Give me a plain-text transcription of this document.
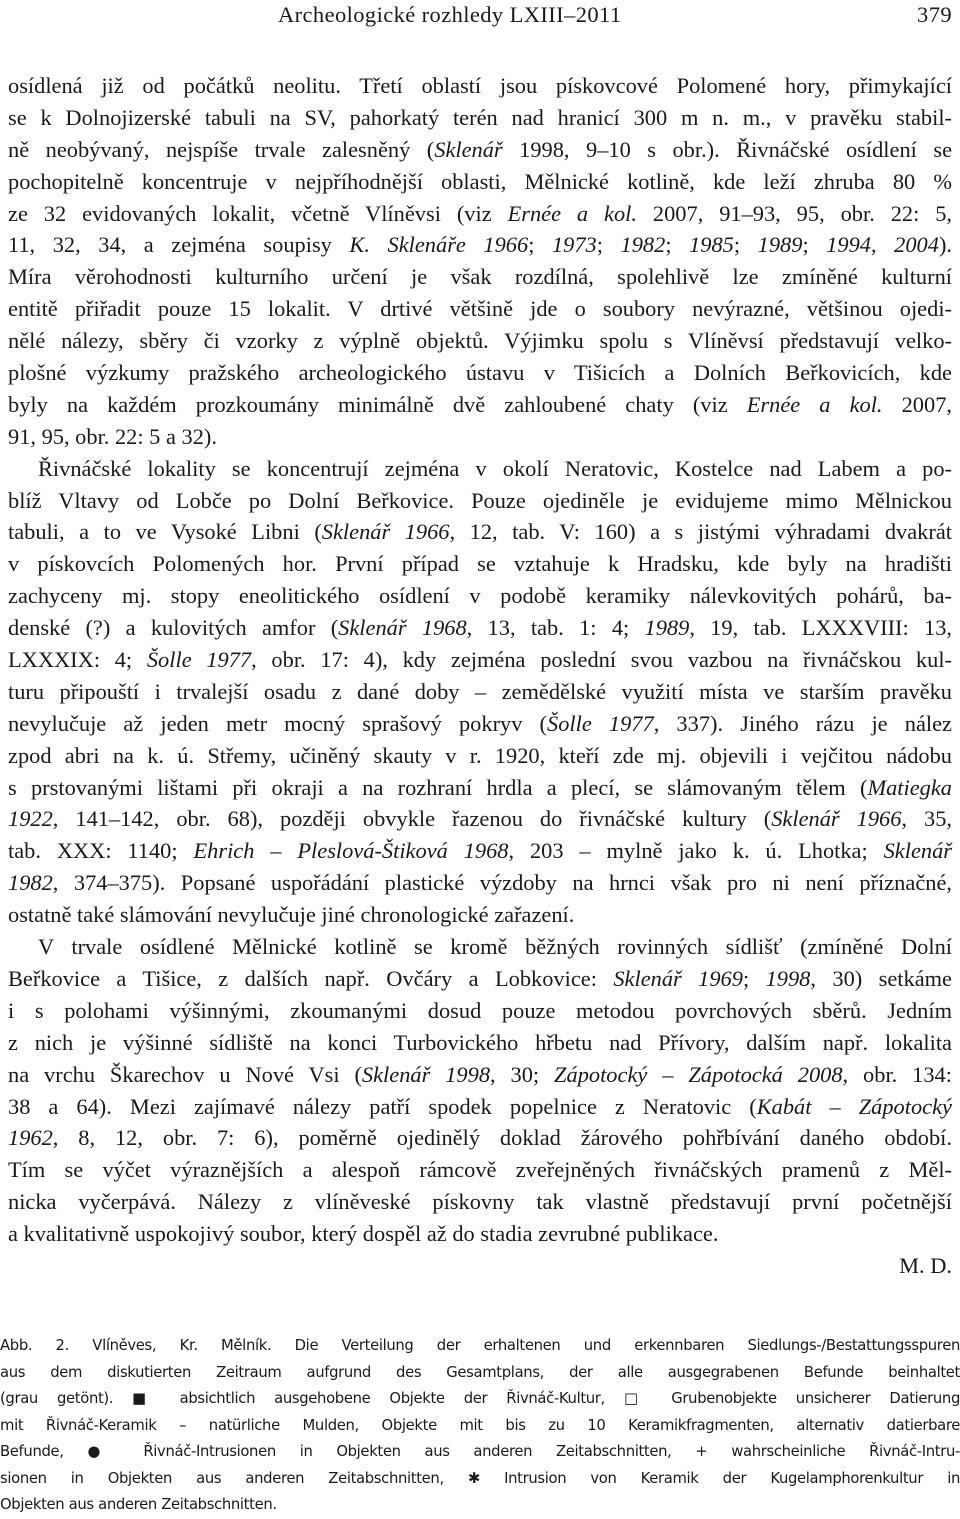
Archeologické rozhledy LXIII–2011	379
osídlená již od počátků neolitu. Třetí oblastí jsou pískovcové Polomené hory, přimykající
se k Dolnojizerské tabuli na SV, pahorkatý terén nad hranicí 300 m n. m., v pravěku stabil-
ně neobývaný, nejspíše trvale zalesněný (Sklenář 1998, 9–10 s obr.). Řivnáčské osídlení se
pochopitelně koncentruje v nejpříhodnější oblasti, Mělnické kotlině, kde leží zhruba 80 %
ze 32 evidovaných lokalit, včetně Vlíněvsi (viz Ernée a kol. 2007, 91–93, 95, obr. 22: 5,
11, 32, 34, a zejména soupisy K. Sklenáře 1966; 1973; 1982; 1985; 1989; 1994, 2004).
Míra věrohodnosti kulturního určení je však rozdílná, spolehlivě lze zmíněné kulturní
entitě přiřadit pouze 15 lokalit. V drtivé většině jde o soubory nevýrazné, většinou ojedi-
nělé nálezy, sběry či vzorky z výplně objektů. Výjimku spolu s Vlíněvsí představují velko-
plošné výzkumy pražského archeologického ústavu v Tišicích a Dolních Beřkovicích, kde
byly na každém prozkoumány minimálně dvě zahloubené chaty (viz Ernée a kol. 2007,
91, 95, obr. 22: 5 a 32).
Řivnáčské lokality se koncentrují zejména v okolí Neratovic, Kostelce nad Labem a po-
blíž Vltavy od Lobče po Dolní Beřkovice. Pouze ojediněle je evidujeme mimo Mělnickou
tabuli, a to ve Vysoké Libni (Sklenář 1966, 12, tab. V: 160) a s jistými výhradami dvakrát
v pískovcích Polomených hor. První případ se vztahuje k Hradsku, kde byly na hradišti
zachyceny mj. stopy eneolitického osídlení v podobě keramiky nálevkovitých pohárů, ba-
denské (?) a kulovitých amfor (Sklenář 1968, 13, tab. 1: 4; 1989, 19, tab. LXXXVIII: 13,
LXXXIX: 4; Šolle 1977, obr. 17: 4), kdy zejména poslední svou vazbou na řivnáčskou kul-
turu připouští i trvalejší osadu z dané doby – zemědělské využití místa ve starším pravěku
nevylučuje až jeden metr mocný sprašový pokryv (Šolle 1977, 337). Jiného rázu je nález
zpod abri na k. ú. Střemy, učiněný skauty v r. 1920, kteří zde mj. objevili i vejčitou nádobu
s prstovanými lištami při okraji a na rozhraní hrdla a plecí, se slámovaným tělem (Matiegka
1922, 141–142, obr. 68), později obvykle řazenou do řivnáčské kultury (Sklenář 1966, 35,
tab. XXX: 1140; Ehrich – Pleslová-Štiková 1968, 203 – mylně jako k. ú. Lhotka; Sklenář
1982, 374–375). Popsané uspořádání plastické výzdoby na hrnci však pro ni není příznačné,
ostatně také slámování nevylučuje jiné chronologické zařazení.
V trvale osídlené Mělnické kotlině se kromě běžných rovinných sídlišť (zmíněné Dolní
Beřkovice a Tišice, z dalších např. Ovčáry a Lobkovice: Sklenář 1969; 1998, 30) setkáme
i s polohami výšinnými, zkoumanými dosud pouze metodou povrchových sběrů. Jedním
z nich je výšinné sídliště na konci Turbovického hřbetu nad Přívory, dalším např. lokalita
na vrchu Škarechov u Nové Vsi (Sklenář 1998, 30; Zápotocký – Zápotocká 2008, obr. 134:
38 a 64). Mezi zajímavé nálezy patří spodek popelnice z Neratovic (Kabát – Zápotocký
1962, 8, 12, obr. 7: 6), poměrně ojedinělý doklad žárového pohřbívání daného období.
Tím se výčet výraznějších a alespoň rámcově zveřejněných řivnáčských pramenů z Měl-
nicka vyčerpává. Nálezy z vlíněveské pískovny tak vlastně představují první početnější
a kvalitativně uspokojivý soubor, který dospěl až do stadia zevrubné publikace.
M. D.
Abb. 2. Vlíněves, Kr. Mělník. Die Verteilung der erhaltenen und erkennbaren Siedlungs-/Bestattungsspuren
aus dem diskutierten Zeitraum aufgrund des Gesamtplans, der alle ausgegrabenen Befunde beinhaltet
(grau getönt). ■ absichtlich ausgehobene Objekte der Řivnáč-Kultur, □ Grubenobjekte unsicherer Datierung
mit Řivnáč-Keramik – natürliche Mulden, Objekte mit bis zu 10 Keramikfragmenten, alternativ datierbare
Befunde, ● Řivnáč-Intrusionen in Objekten aus anderen Zeitabschnitten, + wahrscheinliche Řivnáč-Intru-
sionen in Objekten aus anderen Zeitabschnitten, ✱ Intrusion von Keramik der Kugelamphorenkultur in
Objekten aus anderen Zeitabschnitten.
